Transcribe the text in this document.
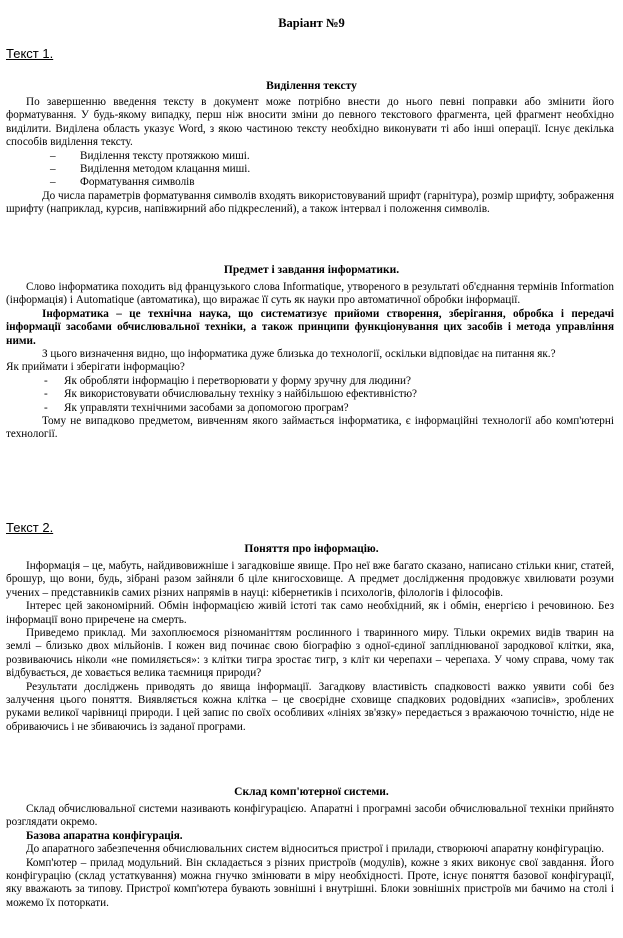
Варіант №9
Текст 1.
Виділення тексту

По завершенню введення тексту в документ може потрібно внести до нього певні поправки або змінити його форматування. У будь-якому випадку, перш ніж вносити зміни до певного текстового фрагмента, цей фрагмент необхідно виділити. Виділена область указує Word, з якою частиною тексту необхідно виконувати ті або інші операції. Існує декілька способів виділення тексту.

– Виділення тексту протяжкою миші.
– Виділення методом клацання миші.
– Форматування символів

До числа параметрів форматування символів входять використовуваний шрифт (гарнітура), розмір шрифту, зображення шрифту (наприклад, курсив, напівжирний або підкреслений), а також інтервал і положення символів.

Предмет і завдання інформатики.

Слово інформатика походить від французького слова Informatique, утвореного в результаті об'єднання термінів Information (інформація) і Automatique (автоматика), що виражає її суть як науки про автоматичної обробки інформації.

Інформатика – це технічна наука, що систематизує прийоми створення, зберігання, обробка і передачі інформації засобами обчислювальної техніки, а також принципи функціонування цих засобів і метода управління ними.

З цього визначення видно, що інформатика дуже близька до технології, оскільки відповідає на питання як.?

Як приймати і зберігати інформацію?

- Як обробляти інформацію і перетворювати у форму зручну для людини?
- Як використовувати обчислювальну техніку з найбільшою ефективністю?
- Як управляти технічними засобами за допомогою програм?

Тому не випадково предметом, вивченням якого займається інформатика, є інформаційні технології або комп'ютерні технології.

Текст 2.
Поняття про інформацію.

Інформація – це, мабуть, найдивовижніше і загадковіше явище. Про неї вже багато сказано, написано стільки книг, статей, брошур, що вони, будь, зібрані разом зайняли б ціле книгосховище. А предмет дослідження продовжує хвилювати розуми учених – представників самих різних напрямів в науці: кібернетиків і психологів, філологів і філософів.

Інтерес цей закономірний. Обмін інформацією живій істоті так само необхідний, як і обмін, енергією і речовиною. Без інформації воно приречене на смерть.

Приведемо приклад. Ми захоплюємося різноманіттям рослинного і тваринного миру. Тільки окремих видів тварин на землі – близько двох мільйонів. І кожен вид починає свою біографію з одної-єдиної запліднюваної зародкової клітки, яка, розвиваючись ніколи «не помиляється»: з клітки тигра зростає тигр, з кліт ки черепахи – черепаха. У чому справа, чому так відбувається, де ховається велика таємниця природи?

Результати досліджень приводять до явища інформації. Загадкову властивість спадковості важко уявити собі без залучення цього поняття. Виявляється кожна клітка – це своєрідне сховище спадкових родовідних «записів», зроблених руками великої чарівниці природи. І цей запис по своїх особливих «лініях зв'язку» передається з вражаючою точністю, ніде не обриваючись і не збиваючись із заданої програми.

Склад комп'ютерної системи.

Склад обчислювальної системи називають конфігурацією. Апаратні і програмні засоби обчислювальної техніки прийнято розглядати окремо.

Базова апаратна конфігурація.

До апаратного забезпечення обчислювальних систем відноситься пристрої і прилади, створюючі апаратну конфігурацію.

Комп'ютер – прилад модульний. Він складається з різних пристроїв (модулів), кожне з яких виконує свої завдання. Його конфігурацію (склад устаткування) можна гнучко змінювати в міру необхідності. Проте, існує поняття базової конфігурації, яку вважають за типову. Пристрої комп'ютера бувають зовнішні і внутрішні. Блоки зовнішніх пристроїв ми бачимо на столі і можемо їх поторкати.
